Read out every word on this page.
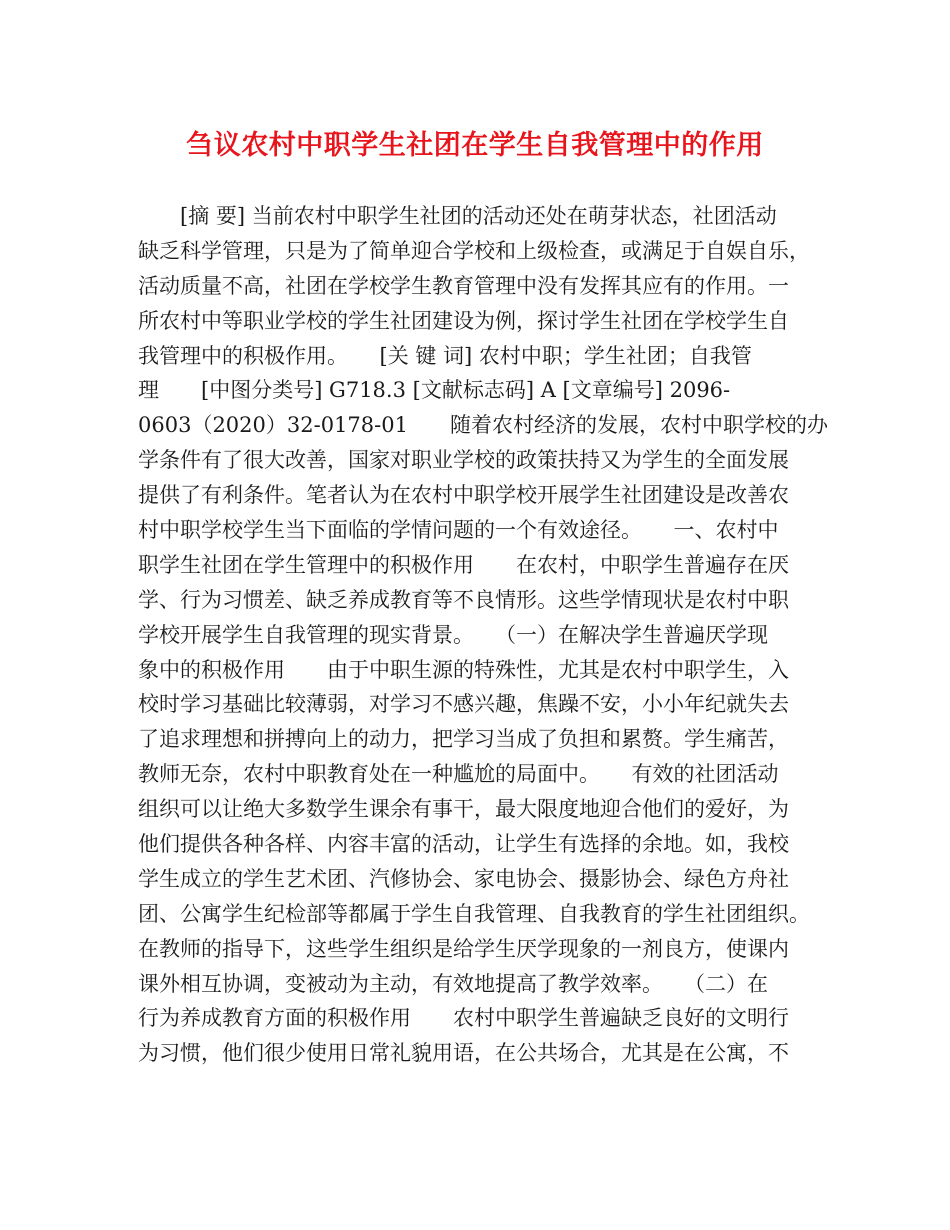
刍议农村中职学生社团在学生自我管理中的作用
　　[摘 要] 当前农村中职学生社团的活动还处在萌芽状态，社团活动
缺乏科学管理，只是为了简单迎合学校和上级检查，或满足于自娱自乐，
活动质量不高，社团在学校学生教育管理中没有发挥其应有的作用。一
所农村中等职业学校的学生社团建设为例，探讨学生社团在学校学生自
我管理中的积极作用。　　[关 键 词] 农村中职；学生社团；自我管
理　　[中图分类号] G718.3 [文献标志码] A [文章编号] 2096-
0603（2020）32-0178-01　　随着农村经济的发展，农村中职学校的办
学条件有了很大改善，国家对职业学校的政策扶持又为学生的全面发展
提供了有利条件。笔者认为在农村中职学校开展学生社团建设是改善农
村中职学校学生当下面临的学情问题的一个有效途径。　　一、农村中
职学生社团在学生管理中的积极作用　　在农村，中职学生普遍存在厌
学、行为习惯差、缺乏养成教育等不良情形。这些学情现状是农村中职
学校开展学生自我管理的现实背景。　　（一）在解决学生普遍厌学现
象中的积极作用　　由于中职生源的特殊性，尤其是农村中职学生，入
校时学习基础比较薄弱，对学习不感兴趣，焦躁不安，小小年纪就失去
了追求理想和拼搏向上的动力，把学习当成了负担和累赘。学生痛苦，
教师无奈，农村中职教育处在一种尴尬的局面中。　　有效的社团活动
组织可以让绝大多数学生课余有事干，最大限度地迎合他们的爱好，为
他们提供各种各样、内容丰富的活动，让学生有选择的余地。如，我校
学生成立的学生艺术团、汽修协会、家电协会、摄影协会、绿色方舟社
团、公寓学生纪检部等都属于学生自我管理、自我教育的学生社团组织。
在教师的指导下，这些学生组织是给学生厌学现象的一剂良方，使课内
课外相互协调，变被动为主动，有效地提高了教学效率。　　（二）在
行为养成教育方面的积极作用　　农村中职学生普遍缺乏良好的文明行
为习惯，他们很少使用日常礼貌用语，在公共场合，尤其是在公寓，不
